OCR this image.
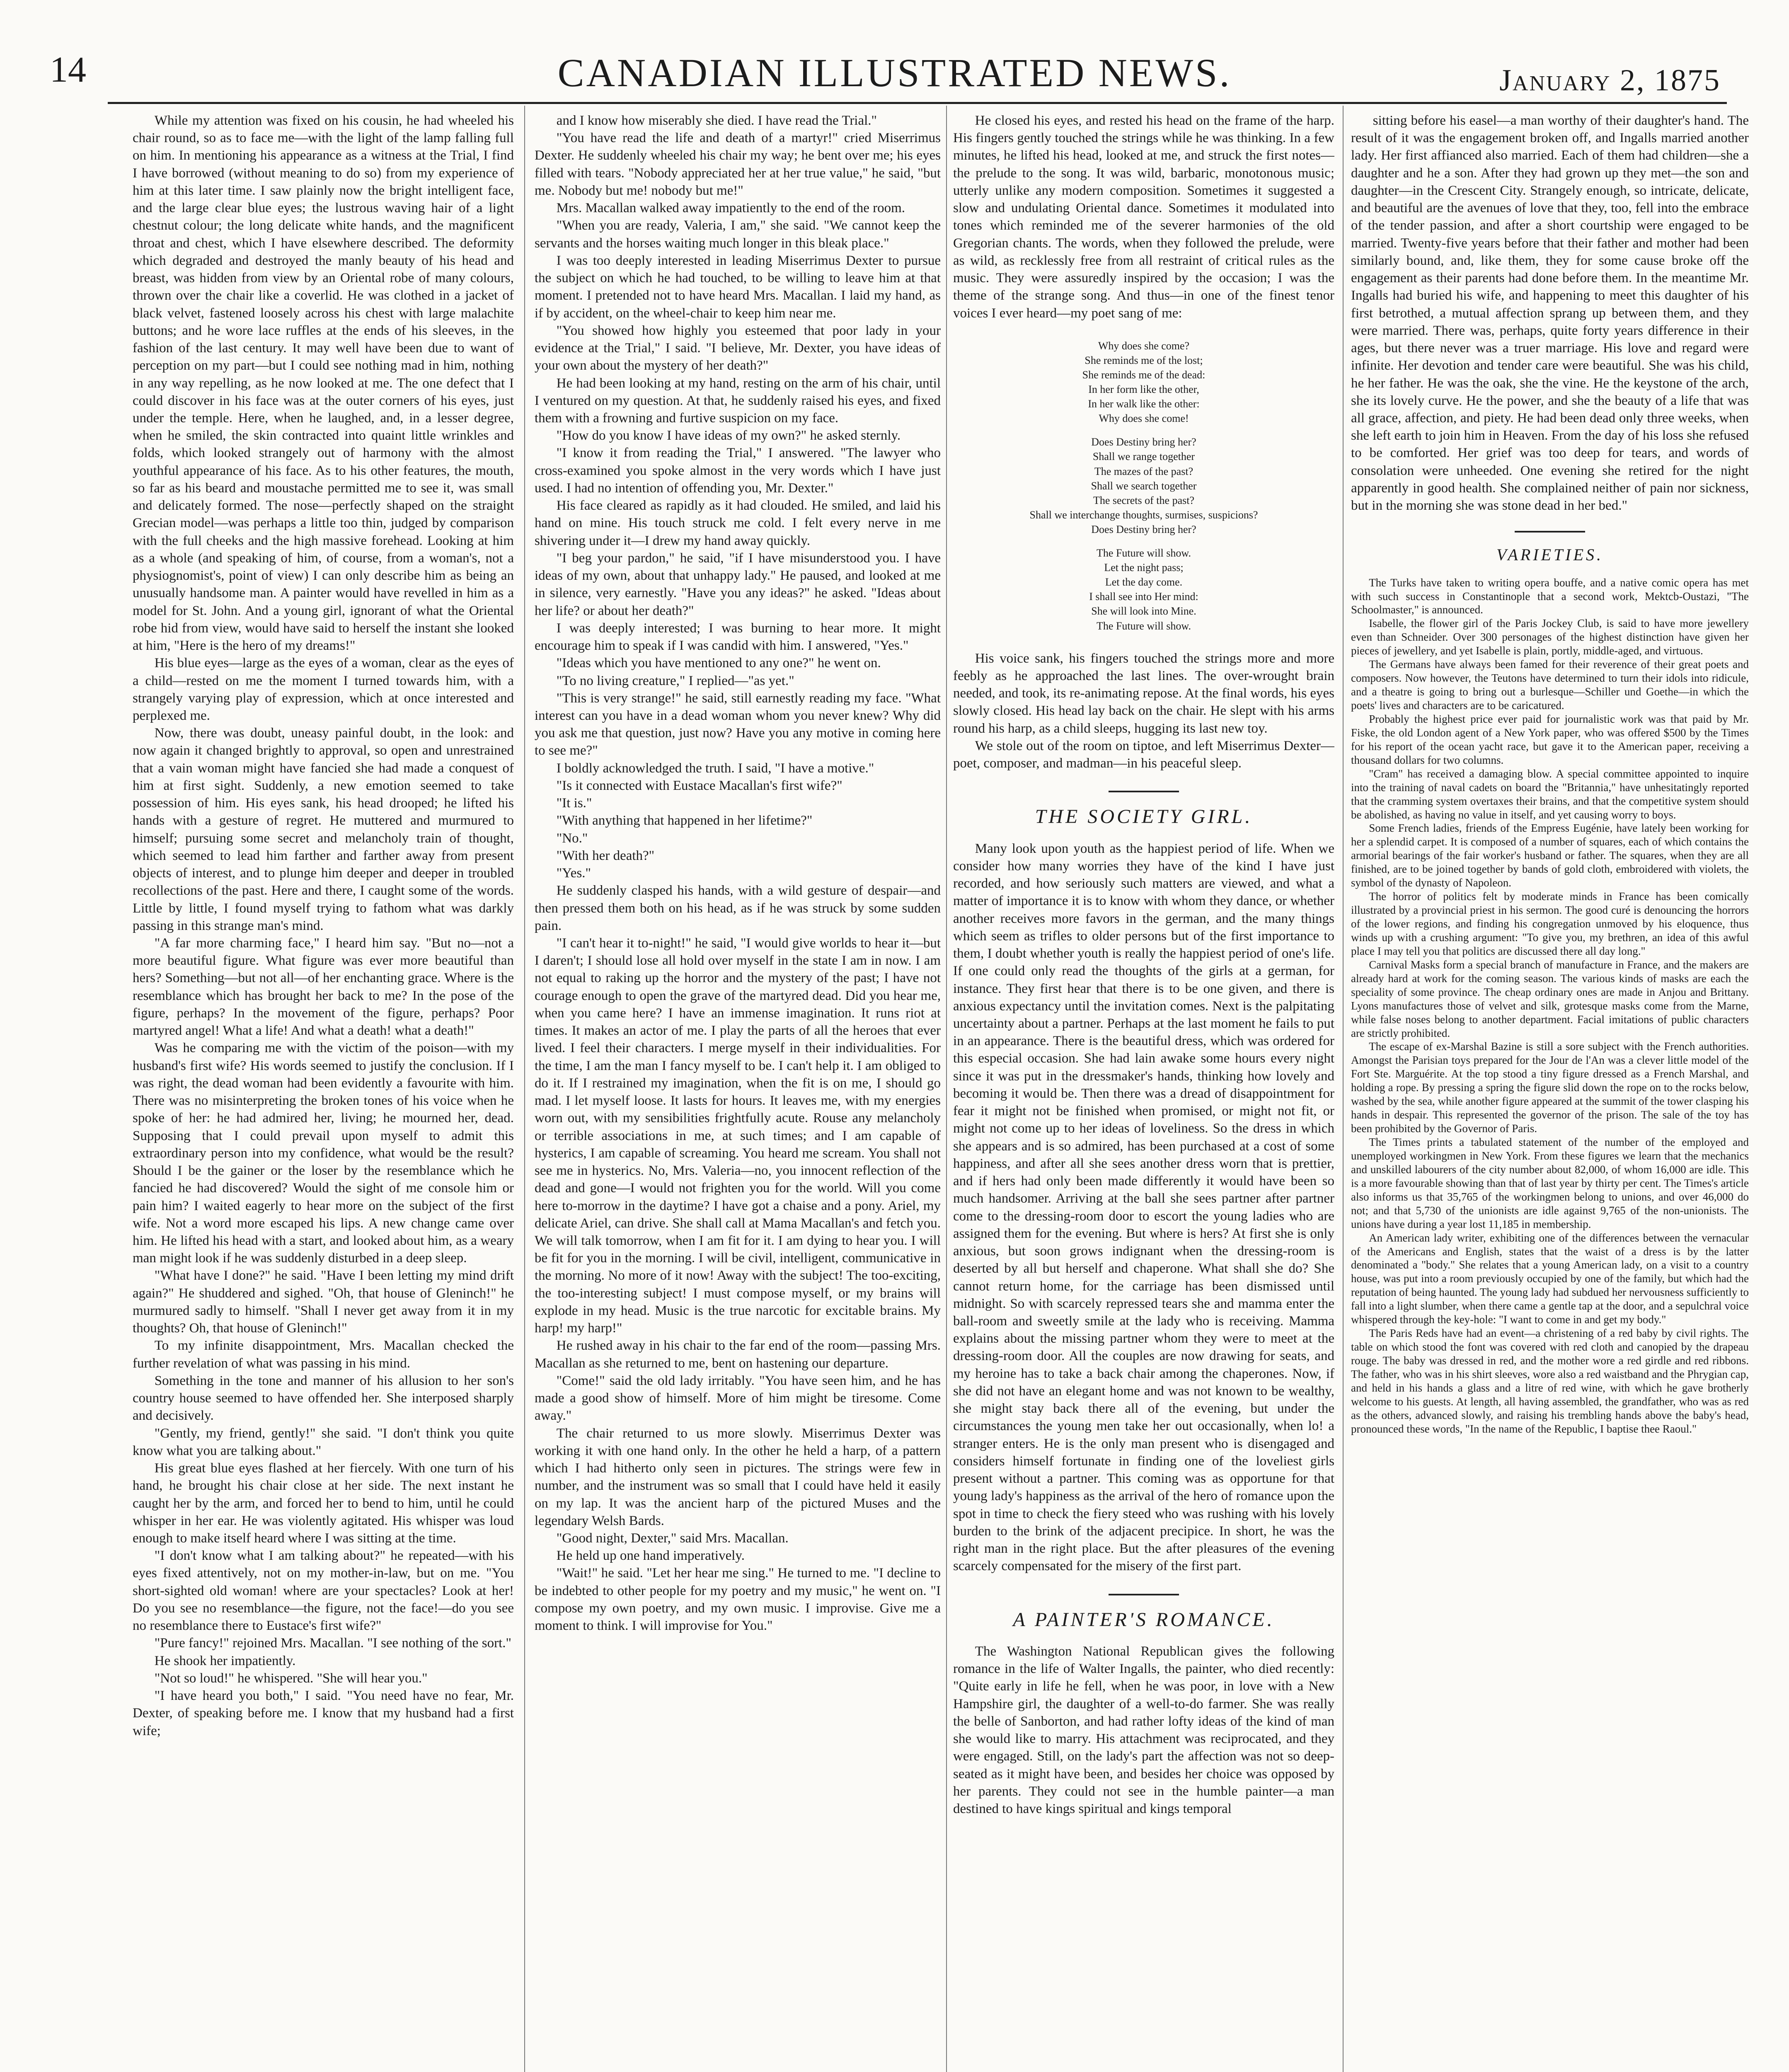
14	CANADIAN ILLUSTRATED NEWS.	January 2, 1875

While my attention was fixed on his cousin, he had wheeled his chair round, so as to face me—with the light of the lamp falling full on him. In mentioning his appearance as a witness at the Trial, I find I have borrowed (without meaning to do so) from my experience of him at this later time. I saw plainly now the bright intelligent face, and the large clear blue eyes; the lustrous waving hair of a light chestnut colour; the long delicate white hands, and the magnificent throat and chest, which I have elsewhere described. The deformity which degraded and destroyed the manly beauty of his head and breast, was hidden from view by an Oriental robe of many colours, thrown over the chair like a coverlid. He was clothed in a jacket of black velvet, fastened loosely across his chest with large malachite buttons; and he wore lace ruffles at the ends of his sleeves, in the fashion of the last century. It may well have been due to want of perception on my part—but I could see nothing mad in him, nothing in any way repelling, as he now looked at me. The one defect that I could discover in his face was at the outer corners of his eyes, just under the temple. Here, when he laughed, and, in a lesser degree, when he smiled, the skin contracted into quaint little wrinkles and folds, which looked strangely out of harmony with the almost youthful appearance of his face. As to his other features, the mouth, so far as his beard and moustache permitted me to see it, was small and delicately formed. The nose—perfectly shaped on the straight Grecian model—was perhaps a little too thin, judged by comparison with the full cheeks and the high massive forehead. Looking at him as a whole (and speaking of him, of course, from a woman's, not a physiognomist's, point of view) I can only describe him as being an unusually handsome man. A painter would have revelled in him as a model for St. John. And a young girl, ignorant of what the Oriental robe hid from view, would have said to herself the instant she looked at him, "Here is the hero of my dreams!"

His blue eyes—large as the eyes of a woman, clear as the eyes of a child—rested on me the moment I turned towards him, with a strangely varying play of expression, which at once interested and perplexed me.

Now, there was doubt, uneasy painful doubt, in the look: and now again it changed brightly to approval, so open and unrestrained that a vain woman might have fancied she had made a conquest of him at first sight. Suddenly, a new emotion seemed to take possession of him. His eyes sank, his head drooped; he lifted his hands with a gesture of regret. He muttered and murmured to himself; pursuing some secret and melancholy train of thought, which seemed to lead him farther and farther away from present objects of interest, and to plunge him deeper and deeper in troubled recollections of the past. Here and there, I caught some of the words. Little by little, I found myself trying to fathom what was darkly passing in this strange man's mind.

"A far more charming face," I heard him say. "But no—not a more beautiful figure. What figure was ever more beautiful than hers? Something—but not all—of her enchanting grace. Where is the resemblance which has brought her back to me? In the pose of the figure, perhaps? In the movement of the figure, perhaps? Poor martyred angel! What a life! And what a death! what a death!"

Was he comparing me with the victim of the poison—with my husband's first wife? His words seemed to justify the conclusion. If I was right, the dead woman had been evidently a favourite with him. There was no misinterpreting the broken tones of his voice when he spoke of her: he had admired her, living; he mourned her, dead. Supposing that I could prevail upon myself to admit this extraordinary person into my confidence, what would be the result? Should I be the gainer or the loser by the resemblance which he fancied he had discovered? Would the sight of me console him or pain him? I waited eagerly to hear more on the subject of the first wife. Not a word more escaped his lips. A new change came over him. He lifted his head with a start, and looked about him, as a weary man might look if he was suddenly disturbed in a deep sleep.

"What have I done?" he said. "Have I been letting my mind drift again?" He shuddered and sighed. "Oh, that house of Gleninch!" he murmured sadly to himself. "Shall I never get away from it in my thoughts? Oh, that house of Gleninch!"

To my infinite disappointment, Mrs. Macallan checked the further revelation of what was passing in his mind.

Something in the tone and manner of his allusion to her son's country house seemed to have offended her. She interposed sharply and decisively.

"Gently, my friend, gently!" she said. "I don't think you quite know what you are talking about."

His great blue eyes flashed at her fiercely. With one turn of his hand, he brought his chair close at her side. The next instant he caught her by the arm, and forced her to bend to him, until he could whisper in her ear. He was violently agitated. His whisper was loud enough to make itself heard where I was sitting at the time.

"I don't know what I am talking about?" he repeated—with his eyes fixed attentively, not on my mother-in-law, but on me. "You short-sighted old woman! where are your spectacles? Look at her! Do you see no resemblance—the figure, not the face!—do you see no resemblance there to Eustace's first wife?"

"Pure fancy!" rejoined Mrs. Macallan. "I see nothing of the sort."

He shook her impatiently.

"Not so loud!" he whispered. "She will hear you."

"I have heard you both," I said. "You need have no fear, Mr. Dexter, of speaking before me. I know that my husband had a first wife;

and I know how miserably she died. I have read the Trial."

"You have read the life and death of a martyr!" cried Miserrimus Dexter. He suddenly wheeled his chair my way; he bent over me; his eyes filled with tears. "Nobody appreciated her at her true value," he said, "but me. Nobody but me! nobody but me!"

Mrs. Macallan walked away impatiently to the end of the room.

"When you are ready, Valeria, I am," she said. "We cannot keep the servants and the horses waiting much longer in this bleak place."

I was too deeply interested in leading Miserrimus Dexter to pursue the subject on which he had touched, to be willing to leave him at that moment. I pretended not to have heard Mrs. Macallan. I laid my hand, as if by accident, on the wheel-chair to keep him near me.

"You showed how highly you esteemed that poor lady in your evidence at the Trial," I said. "I believe, Mr. Dexter, you have ideas of your own about the mystery of her death?"

He had been looking at my hand, resting on the arm of his chair, until I ventured on my question. At that, he suddenly raised his eyes, and fixed them with a frowning and furtive suspicion on my face.

"How do you know I have ideas of my own?" he asked sternly.

"I know it from reading the Trial," I answered. "The lawyer who cross-examined you spoke almost in the very words which I have just used. I had no intention of offending you, Mr. Dexter."

His face cleared as rapidly as it had clouded. He smiled, and laid his hand on mine. His touch struck me cold. I felt every nerve in me shivering under it—I drew my hand away quickly.

"I beg your pardon," he said, "if I have misunderstood you. I have ideas of my own, about that unhappy lady." He paused, and looked at me in silence, very earnestly. "Have you any ideas?" he asked. "Ideas about her life? or about her death?"

I was deeply interested; I was burning to hear more. It might encourage him to speak if I was candid with him. I answered, "Yes."

"Ideas which you have mentioned to any one?" he went on.

"To no living creature," I replied—"as yet."

"This is very strange!" he said, still earnestly reading my face. "What interest can you have in a dead woman whom you never knew? Why did you ask me that question, just now? Have you any motive in coming here to see me?"

I boldly acknowledged the truth. I said, "I have a motive."

"Is it connected with Eustace Macallan's first wife?"

"It is."

"With anything that happened in her lifetime?"

"No."

"With her death?"

"Yes."

He suddenly clasped his hands, with a wild gesture of despair—and then pressed them both on his head, as if he was struck by some sudden pain.

"I can't hear it to-night!" he said, "I would give worlds to hear it—but I daren't; I should lose all hold over myself in the state I am in now. I am not equal to raking up the horror and the mystery of the past; I have not courage enough to open the grave of the martyred dead. Did you hear me, when you came here? I have an immense imagination. It runs riot at times. It makes an actor of me. I play the parts of all the heroes that ever lived. I feel their characters. I merge myself in their individualities. For the time, I am the man I fancy myself to be. I can't help it. I am obliged to do it. If I restrained my imagination, when the fit is on me, I should go mad. I let myself loose. It lasts for hours. It leaves me, with my energies worn out, with my sensibilities frightfully acute. Rouse any melancholy or terrible associations in me, at such times; and I am capable of hysterics, I am capable of screaming. You heard me scream. You shall not see me in hysterics. No, Mrs. Valeria—no, you innocent reflection of the dead and gone—I would not frighten you for the world. Will you come here to-morrow in the daytime? I have got a chaise and a pony. Ariel, my delicate Ariel, can drive. She shall call at Mama Macallan's and fetch you. We will talk tomorrow, when I am fit for it. I am dying to hear you. I will be fit for you in the morning. I will be civil, intelligent, communicative in the morning. No more of it now! Away with the subject! The too-exciting, the too-interesting subject! I must compose myself, or my brains will explode in my head. Music is the true narcotic for excitable brains. My harp! my harp!"

He rushed away in his chair to the far end of the room—passing Mrs. Macallan as she returned to me, bent on hastening our departure.

"Come!" said the old lady irritably. "You have seen him, and he has made a good show of himself. More of him might be tiresome. Come away."

The chair returned to us more slowly. Miserrimus Dexter was working it with one hand only. In the other he held a harp, of a pattern which I had hitherto only seen in pictures. The strings were few in number, and the instrument was so small that I could have held it easily on my lap. It was the ancient harp of the pictured Muses and the legendary Welsh Bards.

"Good night, Dexter," said Mrs. Macallan.

He held up one hand imperatively.

"Wait!" he said. "Let her hear me sing." He turned to me. "I decline to be indebted to other people for my poetry and my music," he went on. "I compose my own poetry, and my own music. I improvise. Give me a moment to think. I will improvise for You."

He closed his eyes, and rested his head on the frame of the harp. His fingers gently touched the strings while he was thinking. In a few minutes, he lifted his head, looked at me, and struck the first notes—the prelude to the song. It was wild, barbaric, monotonous music; utterly unlike any modern composition. Sometimes it suggested a slow and undulating Oriental dance. Sometimes it modulated into tones which reminded me of the severer harmonies of the old Gregorian chants. The words, when they followed the prelude, were as wild, as recklessly free from all restraint of critical rules as the music. They were assuredly inspired by the occasion; I was the theme of the strange song. And thus—in one of the finest tenor voices I ever heard—my poet sang of me:

Why does she come?
She reminds me of the lost;
She reminds me of the dead:
In her form like the other,
In her walk like the other:
Why does she come!
Does Destiny bring her?
Shall we range together
The mazes of the past?
Shall we search together
The secrets of the past?
Shall we interchange thoughts, surmises, suspicions?
Does Destiny bring her?
The Future will show.
Let the night pass;
Let the day come.
I shall see into Her mind:
She will look into Mine.
The Future will show.

His voice sank, his fingers touched the strings more and more feebly as he approached the last lines. The over-wrought brain needed, and took, its re-animating repose. At the final words, his eyes slowly closed. His head lay back on the chair. He slept with his arms round his harp, as a child sleeps, hugging its last new toy.

We stole out of the room on tiptoe, and left Miserrimus Dexter—poet, composer, and madman—in his peaceful sleep.

THE SOCIETY GIRL.

Many look upon youth as the happiest period of life. When we consider how many worries they have of the kind I have just recorded, and how seriously such matters are viewed, and what a matter of importance it is to know with whom they dance, or whether another receives more favors in the german, and the many things which seem as trifles to older persons but of the first importance to them, I doubt whether youth is really the happiest period of one's life. If one could only read the thoughts of the girls at a german, for instance. They first hear that there is to be one given, and there is anxious expectancy until the invitation comes. Next is the palpitating uncertainty about a partner. Perhaps at the last moment he fails to put in an appearance. There is the beautiful dress, which was ordered for this especial occasion. She had lain awake some hours every night since it was put in the dressmaker's hands, thinking how lovely and becoming it would be. Then there was a dread of disappointment for fear it might not be finished when promised, or might not fit, or might not come up to her ideas of loveliness. So the dress in which she appears and is so admired, has been purchased at a cost of some happiness, and after all she sees another dress worn that is prettier, and if hers had only been made differently it would have been so much handsomer. Arriving at the ball she sees partner after partner come to the dressing-room door to escort the young ladies who are assigned them for the evening. But where is hers? At first she is only anxious, but soon grows indignant when the dressing-room is deserted by all but herself and chaperone. What shall she do? She cannot return home, for the carriage has been dismissed until midnight. So with scarcely repressed tears she and mamma enter the ball-room and sweetly smile at the lady who is receiving. Mamma explains about the missing partner whom they were to meet at the dressing-room door. All the couples are now drawing for seats, and my heroine has to take a back chair among the chaperones. Now, if she did not have an elegant home and was not known to be wealthy, she might stay back there all of the evening, but under the circumstances the young men take her out occasionally, when lo! a stranger enters. He is the only man present who is disengaged and considers himself fortunate in finding one of the loveliest girls present without a partner. This coming was as opportune for that young lady's happiness as the arrival of the hero of romance upon the spot in time to check the fiery steed who was rushing with his lovely burden to the brink of the adjacent precipice. In short, he was the right man in the right place. But the after pleasures of the evening scarcely compensated for the misery of the first part.

A PAINTER'S ROMANCE.

The Washington National Republican gives the following romance in the life of Walter Ingalls, the painter, who died recently: "Quite early in life he fell, when he was poor, in love with a New Hampshire girl, the daughter of a well-to-do farmer. She was really the belle of Sanborton, and had rather lofty ideas of the kind of man she would like to marry. His attachment was reciprocated, and they were engaged. Still, on the lady's part the affection was not so deep-seated as it might have been, and besides her choice was opposed by her parents. They could not see in the humble painter—a man destined to have kings spiritual and kings temporal

sitting before his easel—a man worthy of their daughter's hand. The result of it was the engagement broken off, and Ingalls married another lady. Her first affianced also married. Each of them had children—she a daughter and he a son. After they had grown up they met—the son and daughter—in the Crescent City. Strangely enough, so intricate, delicate, and beautiful are the avenues of love that they, too, fell into the embrace of the tender passion, and after a short courtship were engaged to be married. Twenty-five years before that their father and mother had been similarly bound, and, like them, they for some cause broke off the engagement as their parents had done before them. In the meantime Mr. Ingalls had buried his wife, and happening to meet this daughter of his first betrothed, a mutual affection sprang up between them, and they were married. There was, perhaps, quite forty years difference in their ages, but there never was a truer marriage. His love and regard were infinite. Her devotion and tender care were beautiful. She was his child, he her father. He was the oak, she the vine. He the keystone of the arch, she its lovely curve. He the power, and she the beauty of a life that was all grace, affection, and piety. He had been dead only three weeks, when she left earth to join him in Heaven. From the day of his loss she refused to be comforted. Her grief was too deep for tears, and words of consolation were unheeded. One evening she retired for the night apparently in good health. She complained neither of pain nor sickness, but in the morning she was stone dead in her bed."

VARIETIES.

The Turks have taken to writing opera bouffe, and a native comic opera has met with such success in Constantinople that a second work, Mektcb-Oustazi, "The Schoolmaster," is announced.

Isabelle, the flower girl of the Paris Jockey Club, is said to have more jewellery even than Schneider. Over 300 personages of the highest distinction have given her pieces of jewellery, and yet Isabelle is plain, portly, middle-aged, and virtuous.

The Germans have always been famed for their reverence of their great poets and composers. Now however, the Teutons have determined to turn their idols into ridicule, and a theatre is going to bring out a burlesque—Schiller und Goethe—in which the poets' lives and characters are to be caricatured.

Probably the highest price ever paid for journalistic work was that paid by Mr. Fiske, the old London agent of a New York paper, who was offered $500 by the Times for his report of the ocean yacht race, but gave it to the American paper, receiving a thousand dollars for two columns.

"Cram" has received a damaging blow. A special committee appointed to inquire into the training of naval cadets on board the "Britannia," have unhesitatingly reported that the cramming system overtaxes their brains, and that the competitive system should be abolished, as having no value in itself, and yet causing worry to boys.

Some French ladies, friends of the Empress Eugénie, have lately been working for her a splendid carpet. It is composed of a number of squares, each of which contains the armorial bearings of the fair worker's husband or father. The squares, when they are all finished, are to be joined together by bands of gold cloth, embroidered with violets, the symbol of the dynasty of Napoleon.

The horror of politics felt by moderate minds in France has been comically illustrated by a provincial priest in his sermon. The good curé is denouncing the horrors of the lower regions, and finding his congregation unmoved by his eloquence, thus winds up with a crushing argument: "To give you, my brethren, an idea of this awful place I may tell you that politics are discussed there all day long."

Carnival Masks form a special branch of manufacture in France, and the makers are already hard at work for the coming season. The various kinds of masks are each the speciality of some province. The cheap ordinary ones are made in Anjou and Brittany. Lyons manufactures those of velvet and silk, grotesque masks come from the Marne, while false noses belong to another department. Facial imitations of public characters are strictly prohibited.

The escape of ex-Marshal Bazine is still a sore subject with the French authorities. Amongst the Parisian toys prepared for the Jour de l'An was a clever little model of the Fort Ste. Marguérite. At the top stood a tiny figure dressed as a French Marshal, and holding a rope. By pressing a spring the figure slid down the rope on to the rocks below, washed by the sea, while another figure appeared at the summit of the tower clasping his hands in despair. This represented the governor of the prison. The sale of the toy has been prohibited by the Governor of Paris.

The Times prints a tabulated statement of the number of the employed and unemployed workingmen in New York. From these figures we learn that the mechanics and unskilled labourers of the city number about 82,000, of whom 16,000 are idle. This is a more favourable showing than that of last year by thirty per cent. The Times's article also informs us that 35,765 of the workingmen belong to unions, and over 46,000 do not; and that 5,730 of the unionists are idle against 9,765 of the non-unionists. The unions have during a year lost 11,185 in membership.

An American lady writer, exhibiting one of the differences between the vernacular of the Americans and English, states that the waist of a dress is by the latter denominated a "body." She relates that a young American lady, on a visit to a country house, was put into a room previously occupied by one of the family, but which had the reputation of being haunted. The young lady had subdued her nervousness sufficiently to fall into a light slumber, when there came a gentle tap at the door, and a sepulchral voice whispered through the key-hole: "I want to come in and get my body."

The Paris Reds have had an event—a christening of a red baby by civil rights. The table on which stood the font was covered with red cloth and canopied by the drapeau rouge. The baby was dressed in red, and the mother wore a red girdle and red ribbons. The father, who was in his shirt sleeves, wore also a red waistband and the Phrygian cap, and held in his hands a glass and a litre of red wine, with which he gave brotherly welcome to his guests. At length, all having assembled, the grandfather, who was as red as the others, advanced slowly, and raising his trembling hands above the baby's head, pronounced these words, "In the name of the Republic, I baptise thee Raoul."
